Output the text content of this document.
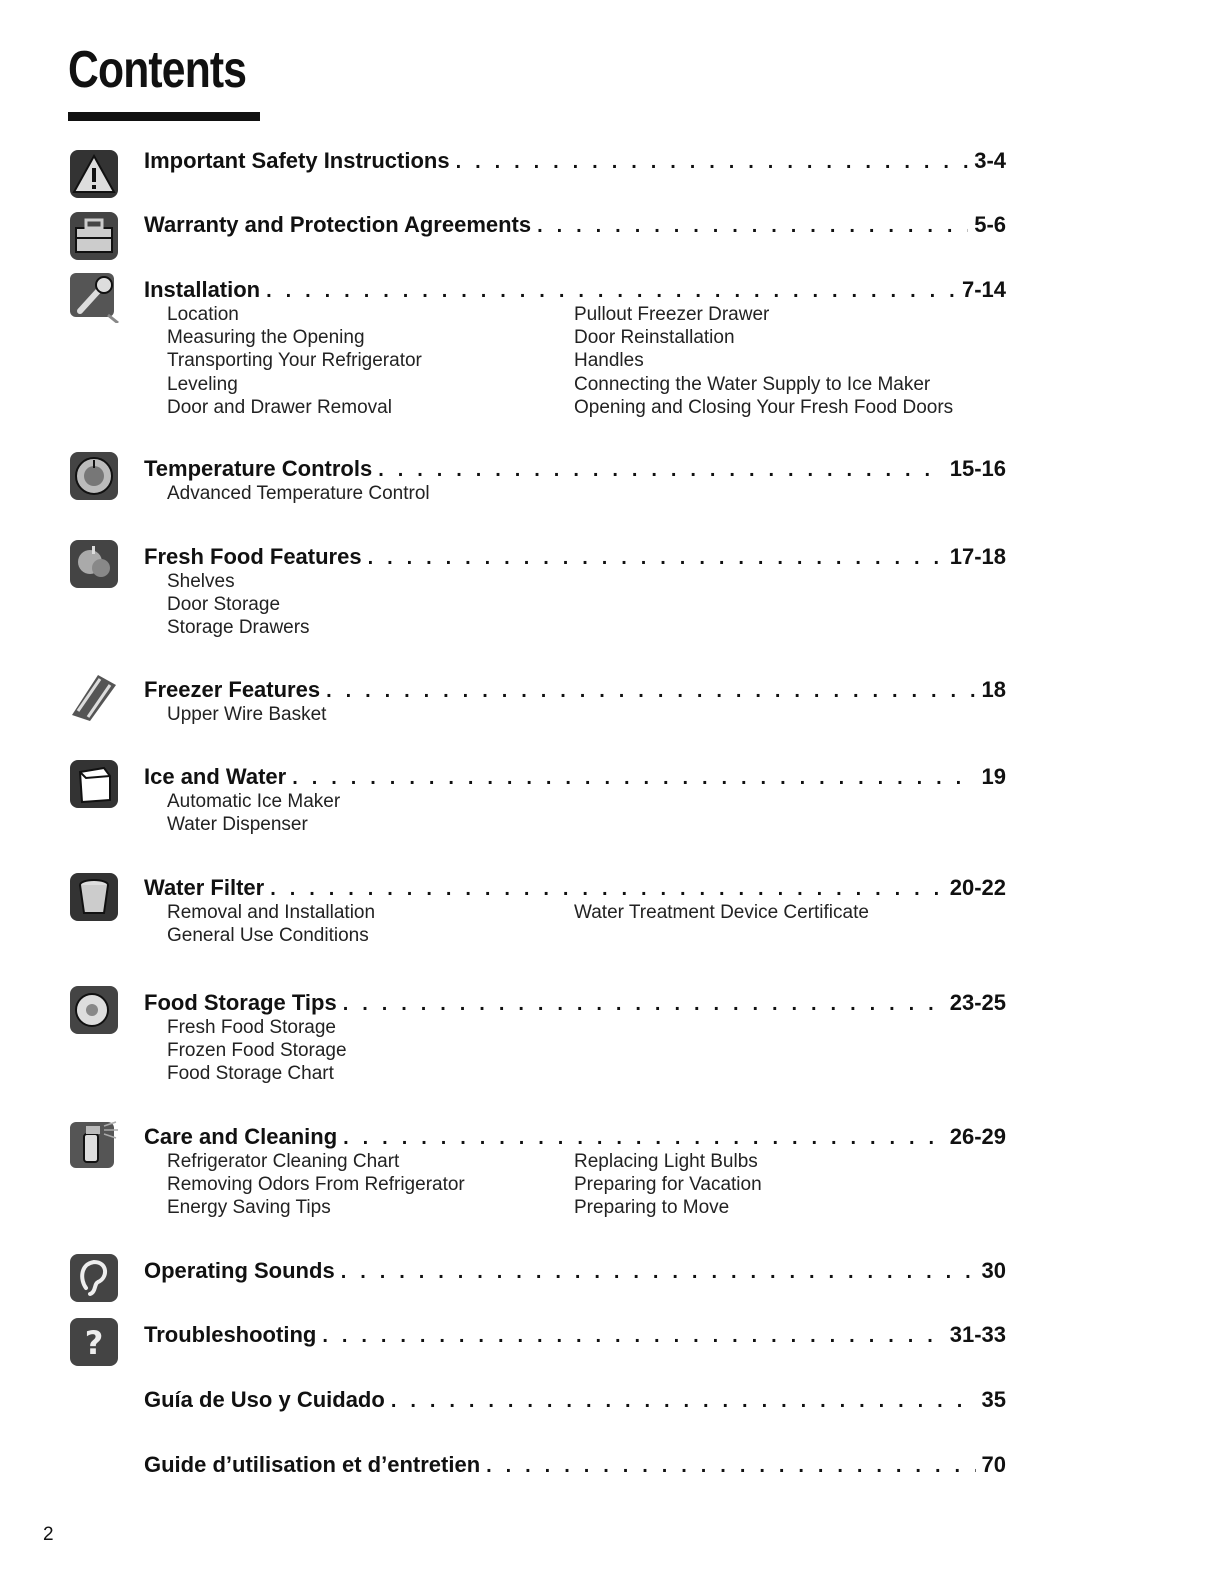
Contents
Important Safety Instructions . . .	3-4
Warranty and Protection Agreements . . .	5-6
Installation . . .	7-14
Location	Pullout Freezer Drawer
Measuring the Opening	Door Reinstallation
Transporting Your Refrigerator	Handles
Leveling	Connecting the Water Supply to Ice Maker
Door and Drawer Removal	Opening and Closing Your Fresh Food Doors
Temperature Controls . . .	15-16
Advanced Temperature Control
Fresh Food Features . . .	17-18
Shelves
Door Storage
Storage Drawers
Freezer Features . . .	18
Upper Wire Basket
Ice and Water . . .	19
Automatic Ice Maker
Water Dispenser
Water Filter . . .	20-22
Removal and Installation	Water Treatment Device Certificate
General Use Conditions
Food Storage Tips . . .	23-25
Fresh Food Storage
Frozen Food Storage
Food Storage Chart
Care and Cleaning . . .	26-29
Refrigerator Cleaning Chart	Replacing Light Bulbs
Removing Odors From Refrigerator	Preparing for Vacation
Energy Saving Tips	Preparing to Move
Operating Sounds . . .	30
? Troubleshooting . . .	31-33
Guía de Uso y Cuidado . . .	35
Guide d’utilisation et d’entretien . . .	70

2
